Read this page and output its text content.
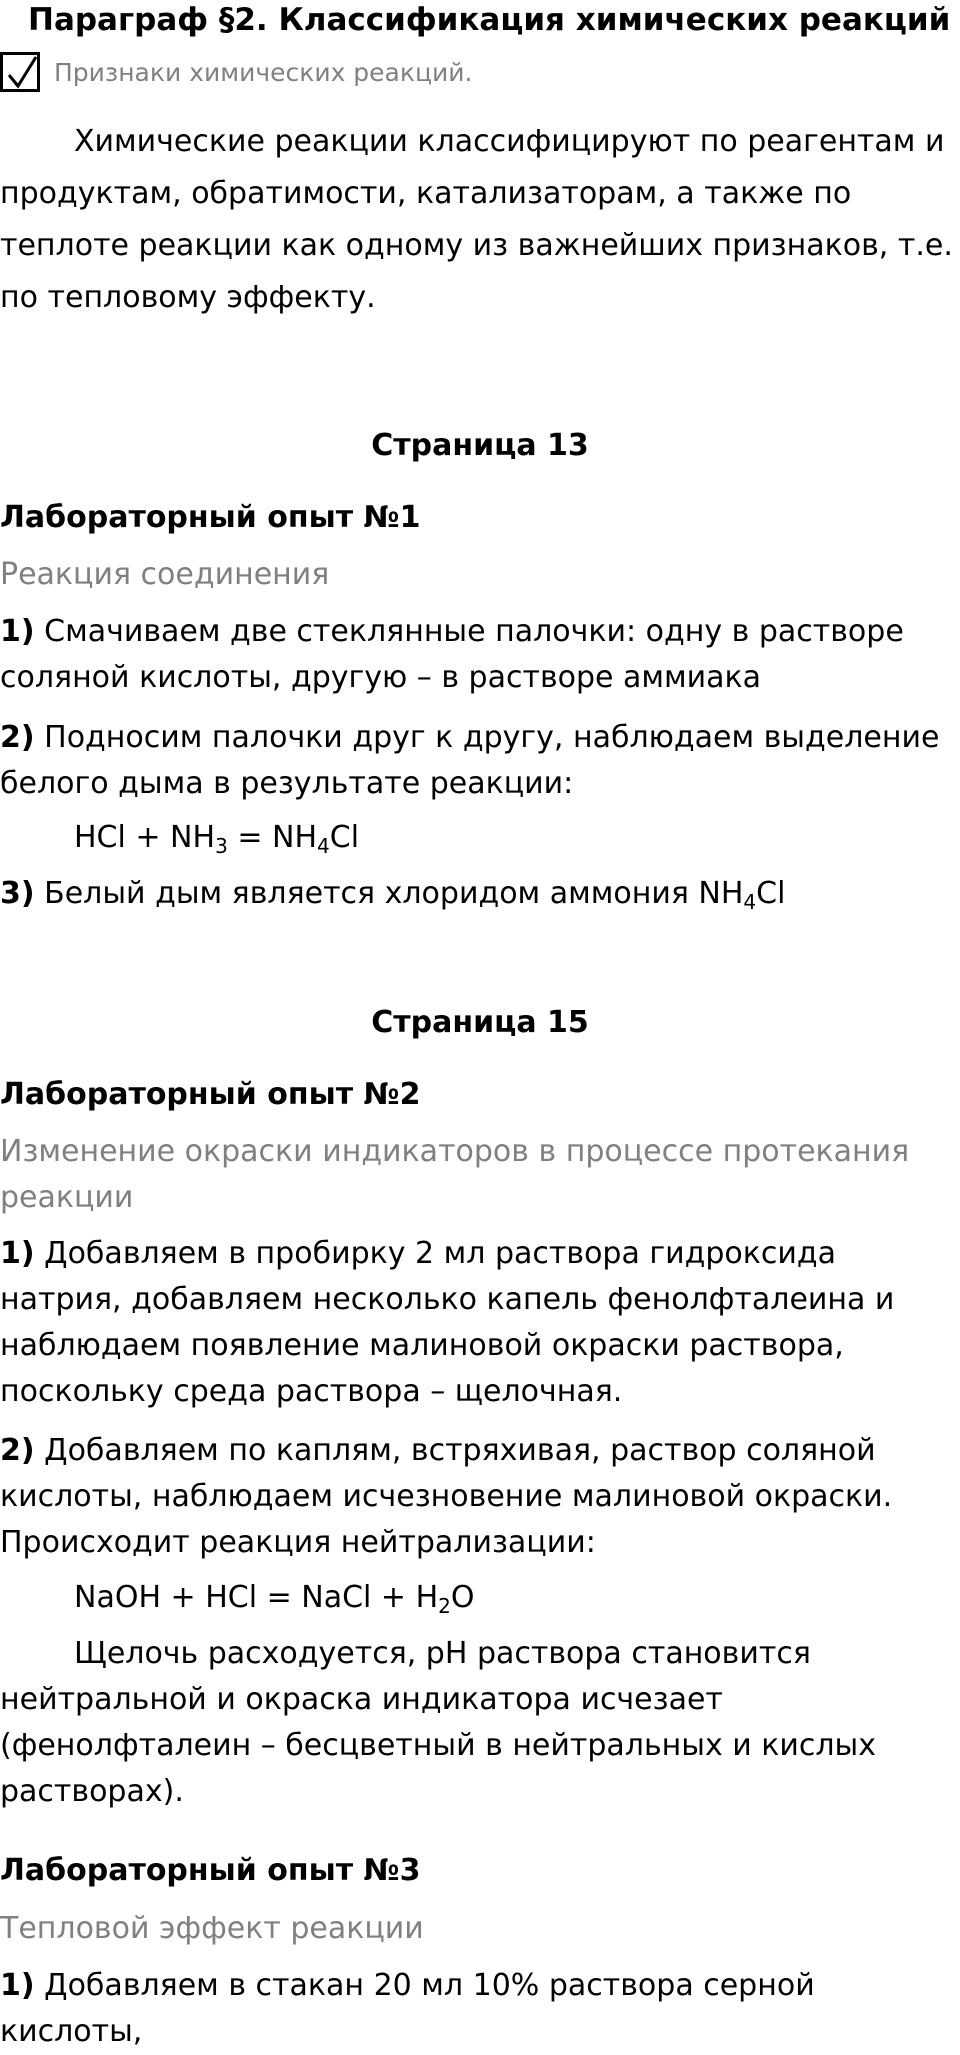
Параграф §2. Классификация химических реакций
Признаки химических реакций.

Химические реакции классифицируют по реагентам и продуктам, обратимости, катализаторам, а также по теплоте реакции как одному из важнейших признаков, т.е. по тепловому эффекту.

Страница 13
Лабораторный опыт №1
Реакция соединения

1) Смачиваем две стеклянные палочки: одну в растворе соляной кислоты, другую – в растворе аммиака

2) Подносим палочки друг к другу, наблюдаем выделение белого дыма в результате реакции:

HCl + $NH_3 = NH_4Cl$

3) Белый дым является хлоридом аммония $NH_4Cl$

Страница 15
Лабораторный опыт №2
Изменение окраски индикаторов в процессе протекания реакции

1) Добавляем в пробирку 2 мл раствора гидроксида натрия, добавляем несколько капель фенолфталеина и наблюдаем появление малиновой окраски раствора, поскольку среда раствора – щелочная.

2) Добавляем по каплям, встряхивая, раствор соляной кислоты, наблюдаем исчезновение малиновой окраски. Происходит реакция нейтрализации:

NaOH + HCl = NaCl + $H_2O$

Щелочь расходуется, pH раствора становится нейтральной и окраска индикатора исчезает (фенолфталеин – бесцветный в нейтральных и кислых растворах).

Лабораторный опыт №3
Тепловой эффект реакции

1) Добавляем в стакан 20 мл 10% раствора серной кислоты,
